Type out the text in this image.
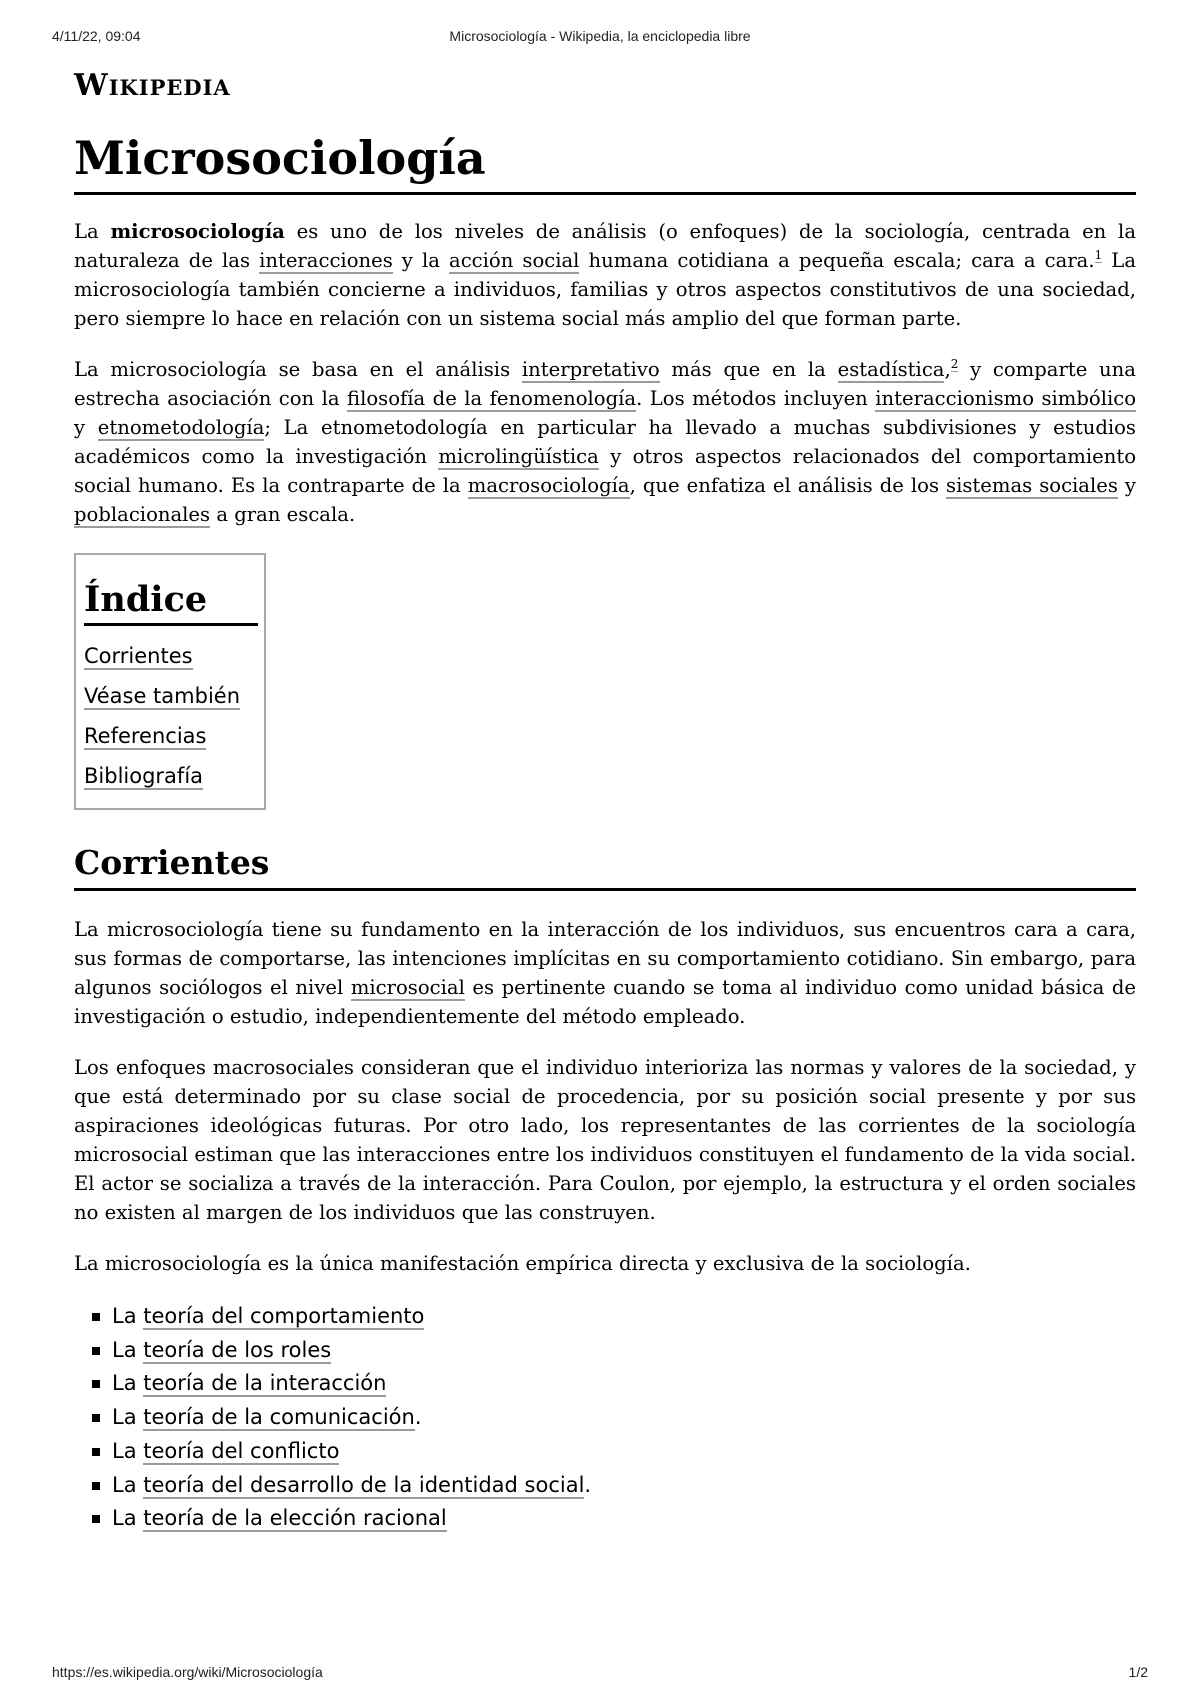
4/11/22, 09:04	Microsociología - Wikipedia, la enciclopedia libre
Wikipedia
Microsociología

La microsociología es uno de los niveles de análisis (o enfoques) de la sociología, centrada en la naturaleza de las interacciones y la acción social humana cotidiana a pequeña escala; cara a cara.$^1$ La microsociología también concierne a individuos, familias y otros aspectos constitutivos de una sociedad, pero siempre lo hace en relación con un sistema social más amplio del que forman parte.

La microsociología se basa en el análisis interpretativo más que en la estadística,$^2$ y comparte una estrecha asociación con la filosofía de la fenomenología. Los métodos incluyen interaccionismo simbólico y etnometodología; La etnometodología en particular ha llevado a muchas subdivisiones y estudios académicos como la investigación microlingüística y otros aspectos relacionados del comportamiento social humano. Es la contraparte de la macrosociología, que enfatiza el análisis de los sistemas sociales y poblacionales a gran escala.

Índice
Corrientes
Véase también
Referencias
Bibliografía
Corrientes

La microsociología tiene su fundamento en la interacción de los individuos, sus encuentros cara a cara, sus formas de comportarse, las intenciones implícitas en su comportamiento cotidiano. Sin embargo, para algunos sociólogos el nivel microsocial es pertinente cuando se toma al individuo como unidad básica de investigación o estudio, independientemente del método empleado.

Los enfoques macrosociales consideran que el individuo interioriza las normas y valores de la sociedad, y que está determinado por su clase social de procedencia, por su posición social presente y por sus aspiraciones ideológicas futuras. Por otro lado, los representantes de las corrientes de la sociología microsocial estiman que las interacciones entre los individuos constituyen el fundamento de la vida social. El actor se socializa a través de la interacción. Para Coulon, por ejemplo, la estructura y el orden sociales no existen al margen de los individuos que las construyen.

La microsociología es la única manifestación empírica directa y exclusiva de la sociología.

La teoría del comportamiento
La teoría de los roles
La teoría de la interacción
La teoría de la comunicación.
La teoría del conflicto
La teoría del desarrollo de la identidad social.
La teoría de la elección racional
https://es.wikipedia.org/wiki/Microsociología	1/2
